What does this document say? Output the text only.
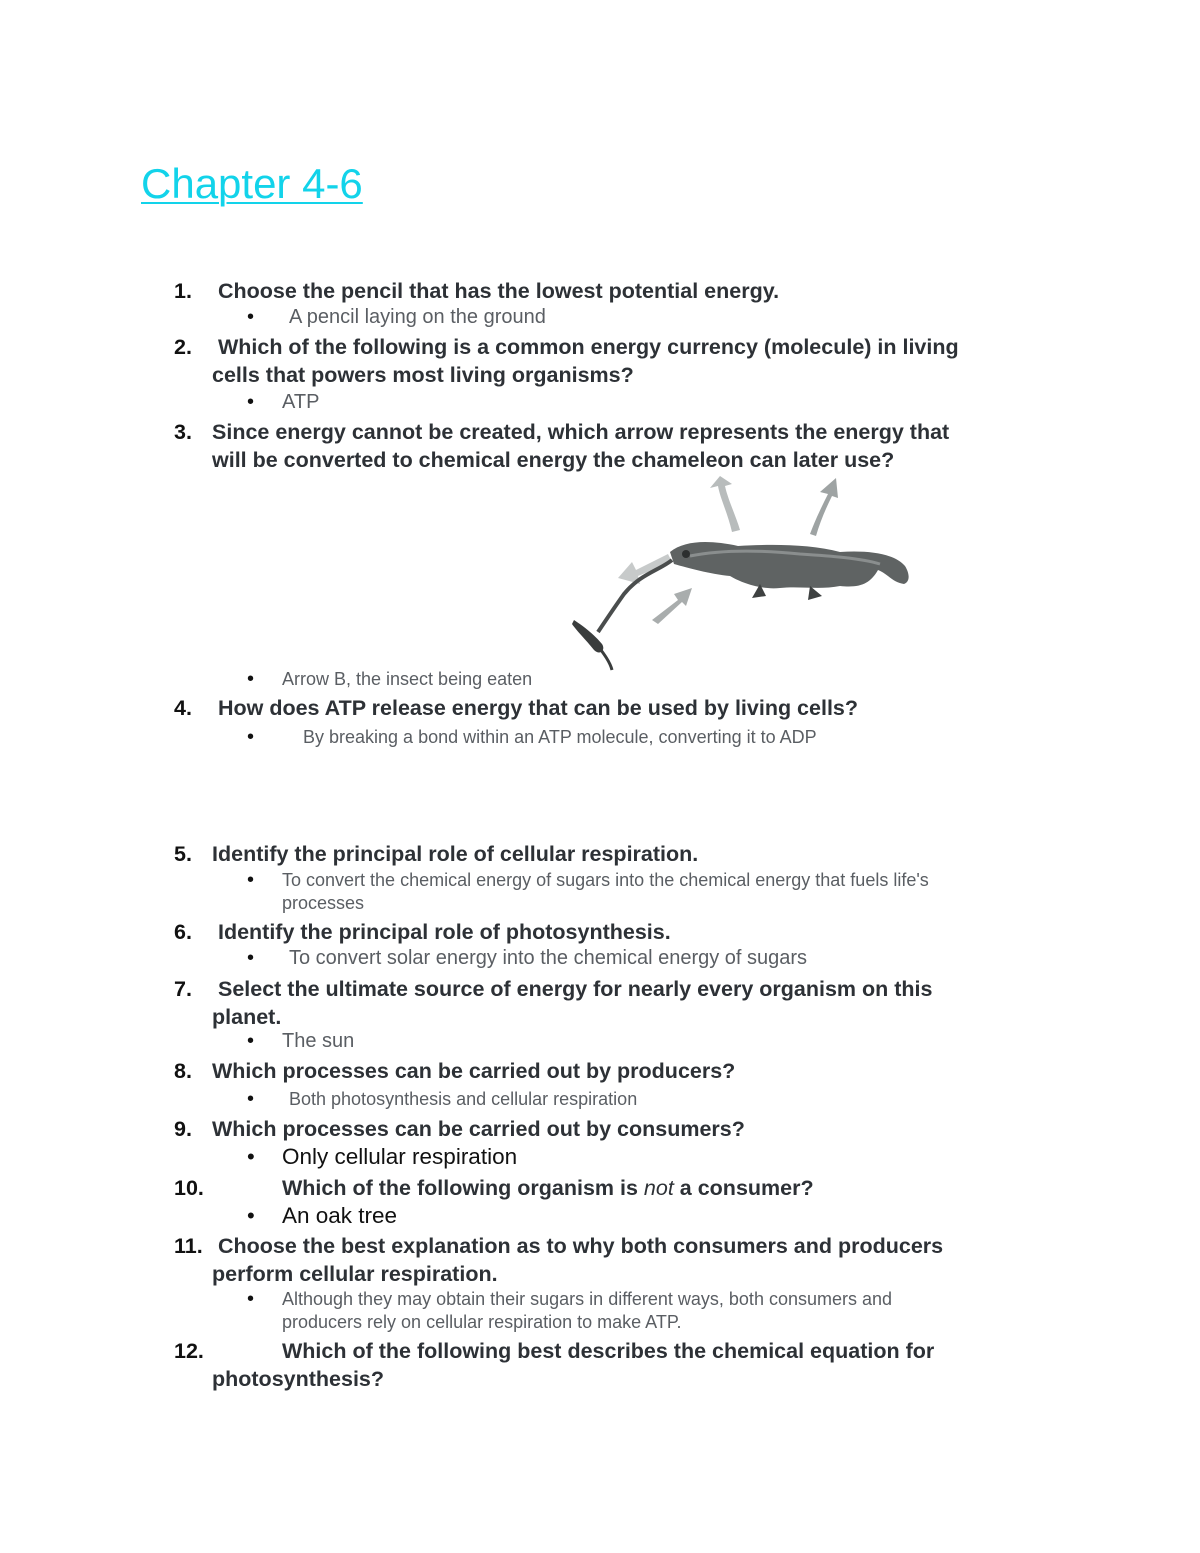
Chapter 4-6
1. Choose the pencil that has the lowest potential energy.
•	A pencil laying on the ground
2. Which of the following is a common energy currency (molecule) in living
cells that powers most living organisms?
•	ATP
3. Since energy cannot be created, which arrow represents the energy that
will be converted to chemical energy the chameleon can later use?
•	Arrow B, the insect being eaten
4. How does ATP release energy that can be used by living cells?
•	By breaking a bond within an ATP molecule, converting it to ADP
5. Identify the principal role of cellular respiration.
•	To convert the chemical energy of sugars into the chemical energy that fuels life's
processes
6. Identify the principal role of photosynthesis.
•	To convert solar energy into the chemical energy of sugars
7. Select the ultimate source of energy for nearly every organism on this
planet.
•	The sun
8. Which processes can be carried out by producers?
•	Both photosynthesis and cellular respiration
9. Which processes can be carried out by consumers?
•	Only cellular respiration
10.	Which of the following organism is not a consumer?
•	An oak tree
11. Choose the best explanation as to why both consumers and producers
perform cellular respiration.
•	Although they may obtain their sugars in different ways, both consumers and
producers rely on cellular respiration to make ATP.
12.	Which of the following best describes the chemical equation for
photosynthesis?
